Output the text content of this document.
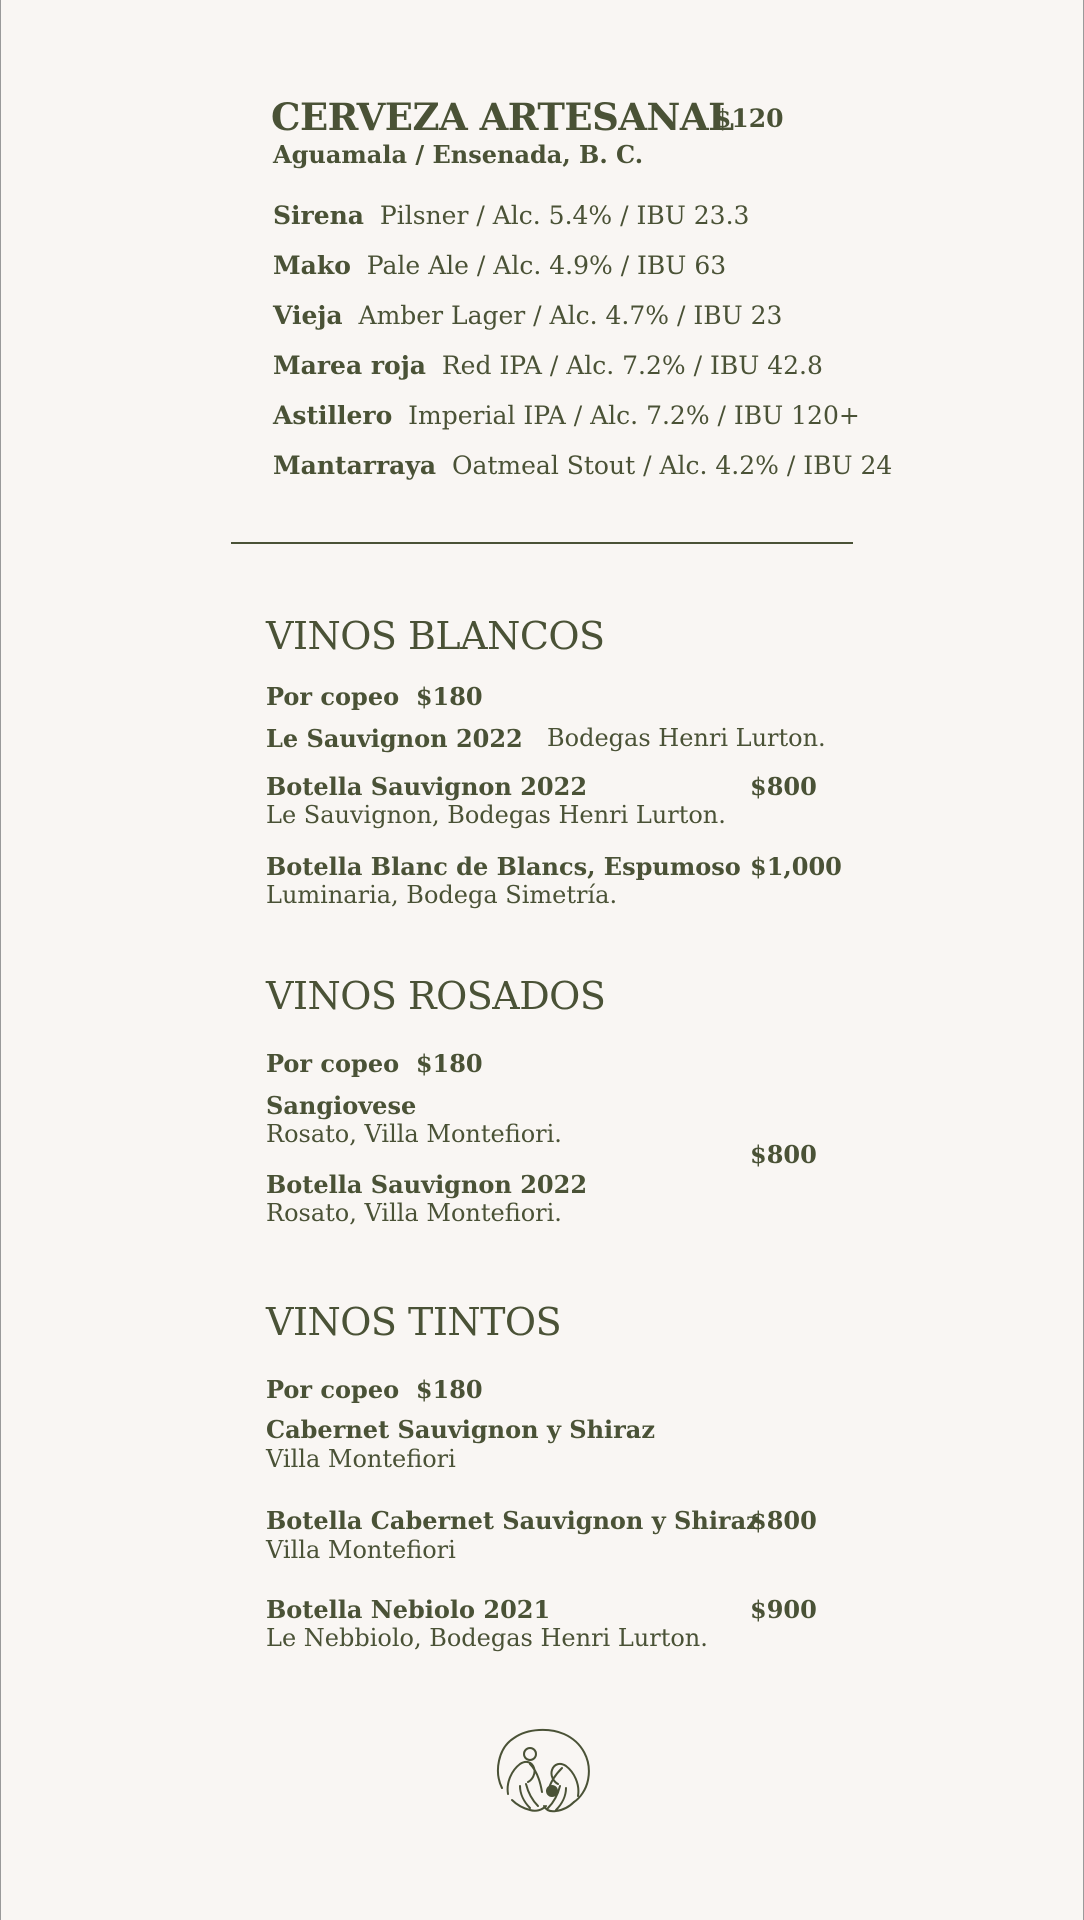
CERVEZA ARTESANAL
$120
Aguamala / Ensenada, B. C.
Sirena Pilsner / Alc. 5.4% / IBU 23.3
Mako Pale Ale / Alc. 4.9% / IBU 63
Vieja Amber Lager / Alc. 4.7% / IBU 23
Marea roja Red IPA / Alc. 7.2% / IBU 42.8
Astillero Imperial IPA / Alc. 7.2% / IBU 120+
Mantarraya Oatmeal Stout / Alc. 4.2% / IBU 24
VINOS BLANCOS
Por copeo $180
Le Sauvignon 2022 Bodegas Henri Lurton.
Botella Sauvignon 2022
Le Sauvignon, Bodegas Henri Lurton.
$800
Botella Blanc de Blancs, Espumoso
Luminaria, Bodega Simetría.
$1,000
VINOS ROSADOS
Por copeo $180
Sangiovese
Rosato, Villa Montefiori.
Botella Sauvignon 2022
Rosato, Villa Montefiori.
$800
VINOS TINTOS
Por copeo $180
Cabernet Sauvignon y Shiraz
Villa Montefiori
Botella Cabernet Sauvignon y Shiraz
Villa Montefiori
$800
Botella Nebiolo 2021
Le Nebbiolo, Bodegas Henri Lurton.
$900
